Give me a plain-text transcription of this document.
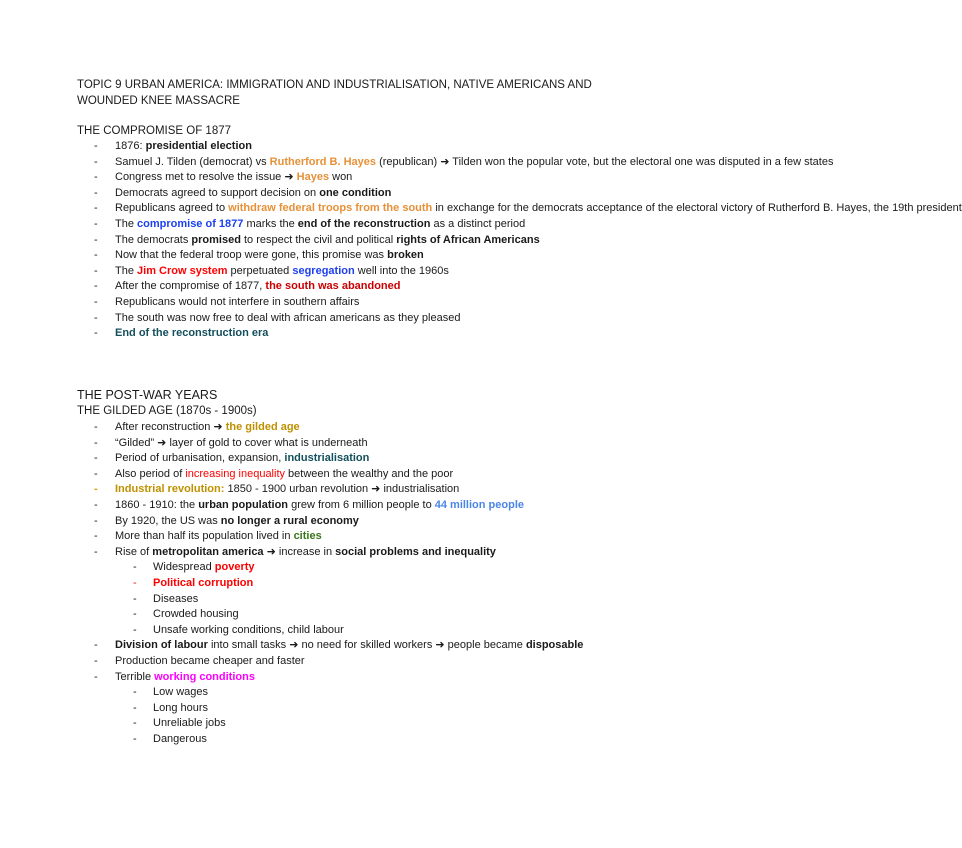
TOPIC 9 URBAN AMERICA: IMMIGRATION AND INDUSTRIALISATION, NATIVE AMERICANS AND WOUNDED KNEE MASSACRE
THE COMPROMISE OF 1877
-	1876: presidential election
-	Samuel J. Tilden (democrat) vs Rutherford B. Hayes (republican) ➜ Tilden won the popular vote, but the electoral one was disputed in a few states
-	Congress met to resolve the issue ➜ Hayes won
-	Democrats agreed to support decision on one condition
-	Republicans agreed to withdraw federal troops from the south in exchange for the democrats acceptance of the electoral victory of Rutherford B. Hayes, the 19th president
-	The compromise of 1877 marks the end of the reconstruction as a distinct period
-	The democrats promised to respect the civil and political rights of African Americans
-	Now that the federal troop were gone, this promise was broken
-	The Jim Crow system perpetuated segregation well into the 1960s
-	After the compromise of 1877, the south was abandoned
-	Republicans would not interfere in southern affairs
-	The south was now free to deal with african americans as they pleased
-	End of the reconstruction era
THE POST-WAR YEARS
THE GILDED AGE (1870s - 1900s)
-	After reconstruction ➜ the gilded age
-	“Gilded” ➜ layer of gold to cover what is underneath
-	Period of urbanisation, expansion, industrialisation
-	Also period of increasing inequality between the wealthy and the poor
-	Industrial revolution: 1850 - 1900 urban revolution ➜ industrialisation
-	1860 - 1910: the urban population grew from 6 million people to 44 million people
-	By 1920, the US was no longer a rural economy
-	More than half its population lived in cities
-	Rise of metropolitan america ➜ increase in social problems and inequality
-	Widespread poverty
-	Political corruption
-	Diseases
-	Crowded housing
-	Unsafe working conditions, child labour
-	Division of labour into small tasks ➜ no need for skilled workers ➜ people became disposable
-	Production became cheaper and faster
-	Terrible working conditions
-	Low wages
-	Long hours
-	Unreliable jobs
-	Dangerous
